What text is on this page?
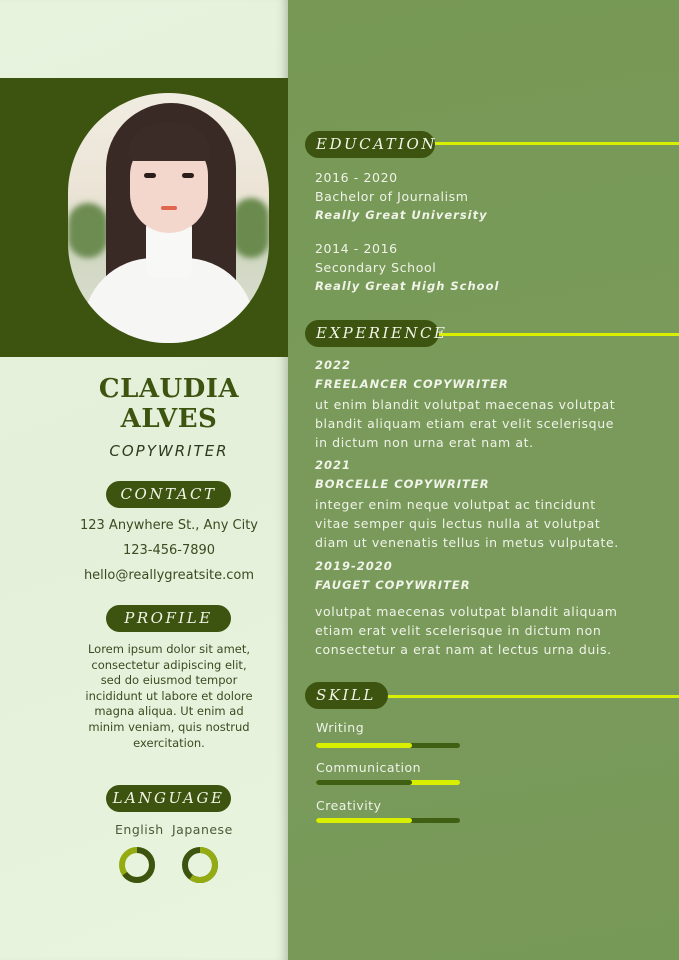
CLAUDIA
ALVES
COPYWRITER
CONTACT
123 Anywhere St., Any City
123-456-7890
hello@reallygreatsite.com
PROFILE
Lorem ipsum dolor sit amet, consectetur adipiscing elit, sed do eiusmod tempor incididunt ut labore et dolore magna aliqua. Ut enim ad minim veniam, quis nostrud exercitation.
LANGUAGE
English Japanese
EDUCATION
2016 - 2020
Bachelor of Journalism
Really Great University
2014 - 2016
Secondary School
Really Great High School
EXPERIENCE
2022
FREELANCER COPYWRITER
ut enim blandit volutpat maecenas volutpat blandit aliquam etiam erat velit scelerisque in dictum non urna erat nam at.
2021
BORCELLE COPYWRITER
integer enim neque volutpat ac tincidunt vitae semper quis lectus nulla at volutpat diam ut venenatis tellus in metus vulputate.
2019-2020
FAUGET COPYWRITER
volutpat maecenas volutpat blandit aliquam etiam erat velit scelerisque in dictum non consectetur a erat nam at lectus urna duis.
SKILL
Writing
Communication
Creativity
